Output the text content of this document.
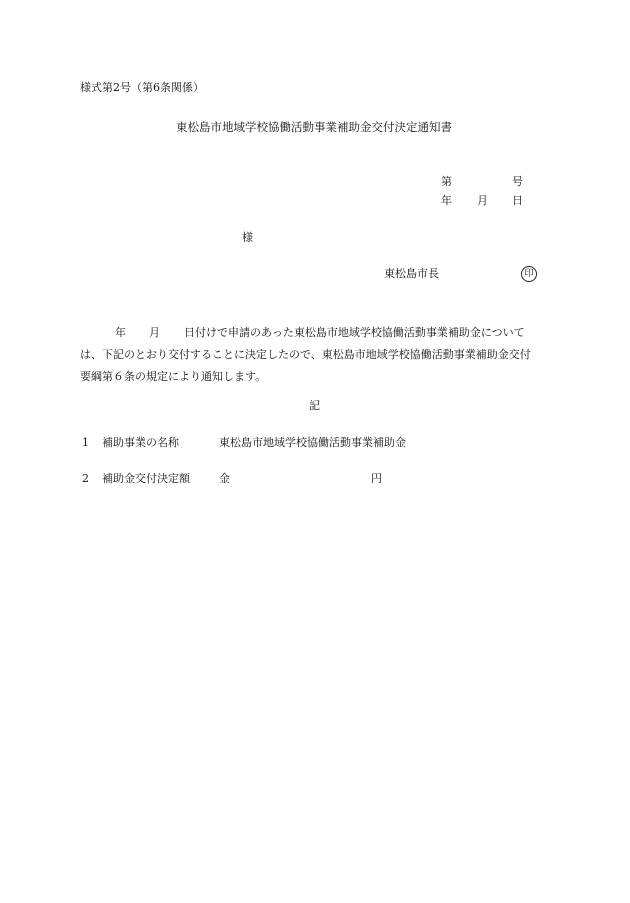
様式第2号（第6条関係）
東松島市地域学校協働活動事業補助金交付決定通知書
第	号
年 月 日
様
東松島市長	印
年 月 日付けで申請のあった東松島市地域学校協働活動事業補助金について
は、下記のとおり交付することに決定したので、東松島市地域学校協働活動事業補助金交付
要綱第６条の規定により通知します。
記
1 補助事業の名称	東松島市地域学校協働活動事業補助金
2 補助金交付決定額	金	円
